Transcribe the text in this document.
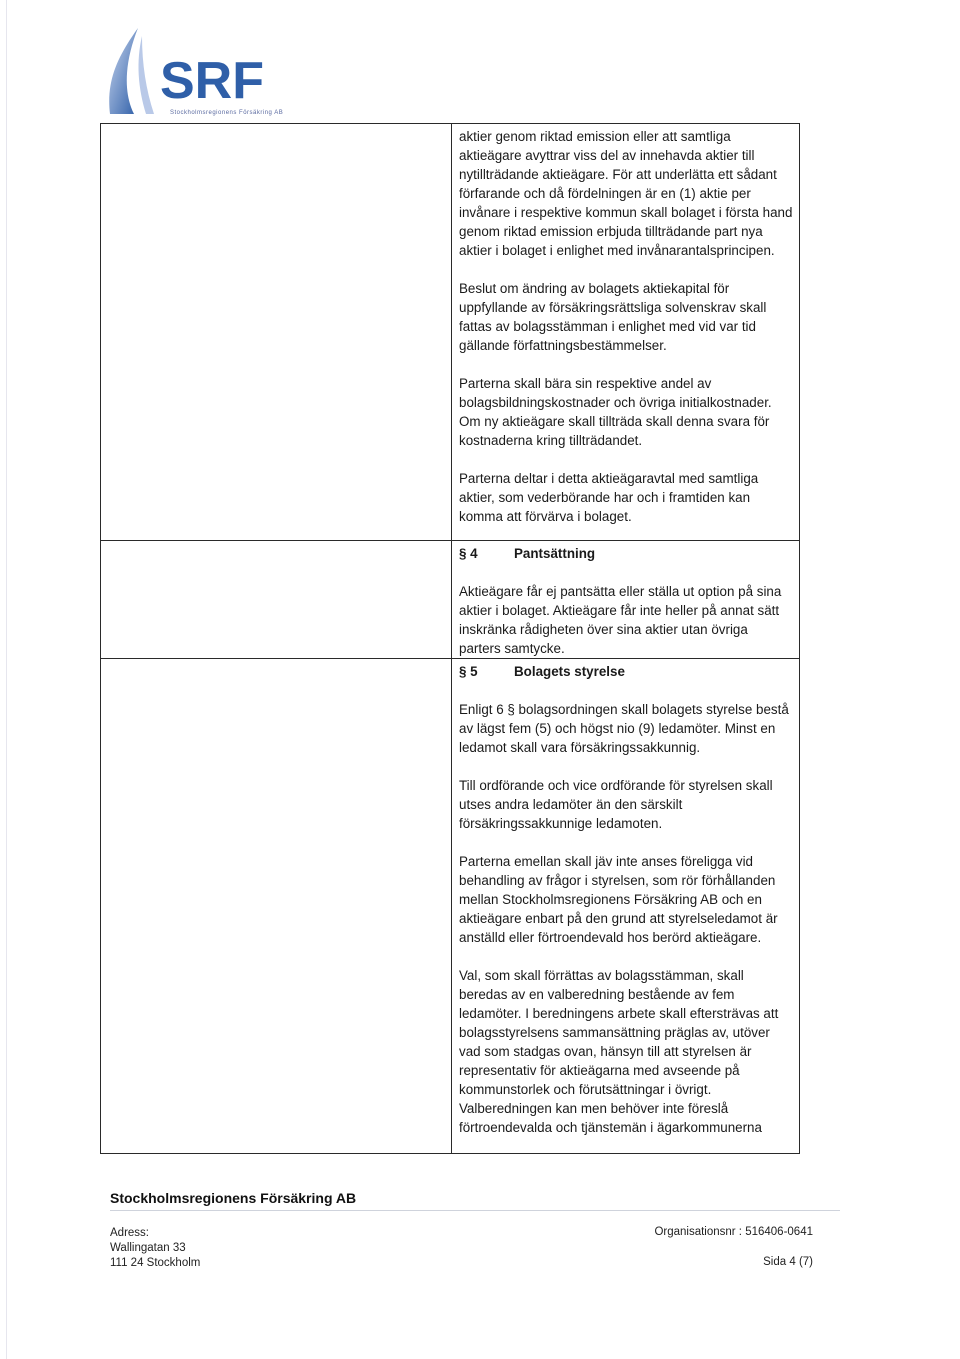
SRF
Stockholmsregionens Försäkring AB

	aktier genom riktad emission eller att samtliga aktieägare avyttrar viss del av innehavda aktier till nytillträdande aktieägare. För att underlätta ett sådant förfarande och då fördelningen är en (1) aktie per invånare i respektive kommun skall bolaget i första hand genom riktad emission erbjuda tillträdande part nya aktier i bolaget i enlighet med invånarantalsprincipen.

Beslut om ändring av bolagets aktiekapital för uppfyllande av försäkringsrättsliga solvenskrav skall fattas av bolagsstämman i enlighet med vid var tid gällande författningsbestämmelser.

Parterna skall bära sin respektive andel av bolagsbildningskostnader och övriga initialkostnader. Om ny aktieägare skall tillträda skall denna svara för kostnaderna kring tillträdandet.

Parterna deltar i detta aktieägaravtal med samtliga aktier, som vederbörande har och i framtiden kan komma att förvärva i bolaget.

	§ 4 Pantsättning

Aktieägare får ej pantsätta eller ställa ut option på sina aktier i bolaget. Aktieägare får inte heller på annat sätt inskränka rådigheten över sina aktier utan övriga parters samtycke.

	§ 5 Bolagets styrelse

Enligt 6 § bolagsordningen skall bolagets styrelse bestå av lägst fem (5) och högst nio (9) ledamöter. Minst en ledamot skall vara försäkringssakkunnig.

Till ordförande och vice ordförande för styrelsen skall utses andra ledamöter än den särskilt försäkringssakkunnige ledamoten.

Parterna emellan skall jäv inte anses föreligga vid behandling av frågor i styrelsen, som rör förhållanden mellan Stockholmsregionens Försäkring AB och en aktieägare enbart på den grund att styrelseledamot är anställd eller förtroendevald hos berörd aktieägare.

Val, som skall förrättas av bolagsstämman, skall beredas av en valberedning bestående av fem ledamöter. I beredningens arbete skall eftersträvas att bolagsstyrelsens sammansättning präglas av, utöver vad som stadgas ovan, hänsyn till att styrelsen är representativ för aktieägarna med avseende på kommunstorlek och förutsättningar i övrigt. Valberedningen kan men behöver inte föreslå förtroendevalda och tjänstemän i ägarkommunerna

Stockholmsregionens Försäkring AB
Adress:
Wallingatan 33
111 24 Stockholm
Organisationsnr : 516406-0641
Sida 4 (7)
